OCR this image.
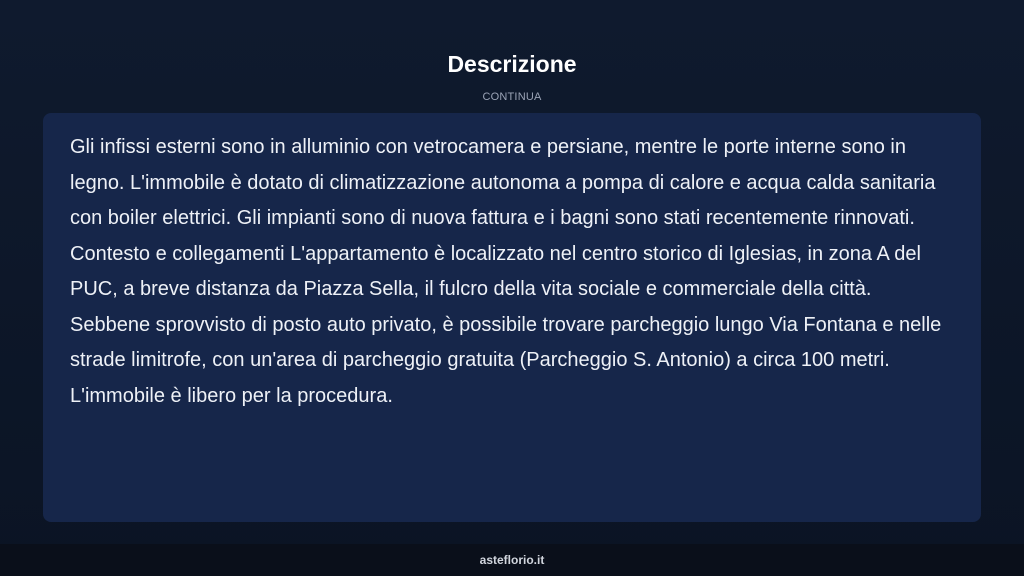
Descrizione
CONTINUA

Gli infissi esterni sono in alluminio con vetrocamera e persiane, mentre le porte interne sono in legno. L'immobile è dotato di climatizzazione autonoma a pompa di calore e acqua calda sanitaria con boiler elettrici. Gli impianti sono di nuova fattura e i bagni sono stati recentemente rinnovati. Contesto e collegamenti L'appartamento è localizzato nel centro storico di Iglesias, in zona A del PUC, a breve distanza da Piazza Sella, il fulcro della vita sociale e commerciale della città. Sebbene sprovvisto di posto auto privato, è possibile trovare parcheggio lungo Via Fontana e nelle strade limitrofe, con un'area di parcheggio gratuita (Parcheggio S. Antonio) a circa 100 metri. L'immobile è libero per la procedura.

asteflorio.it
